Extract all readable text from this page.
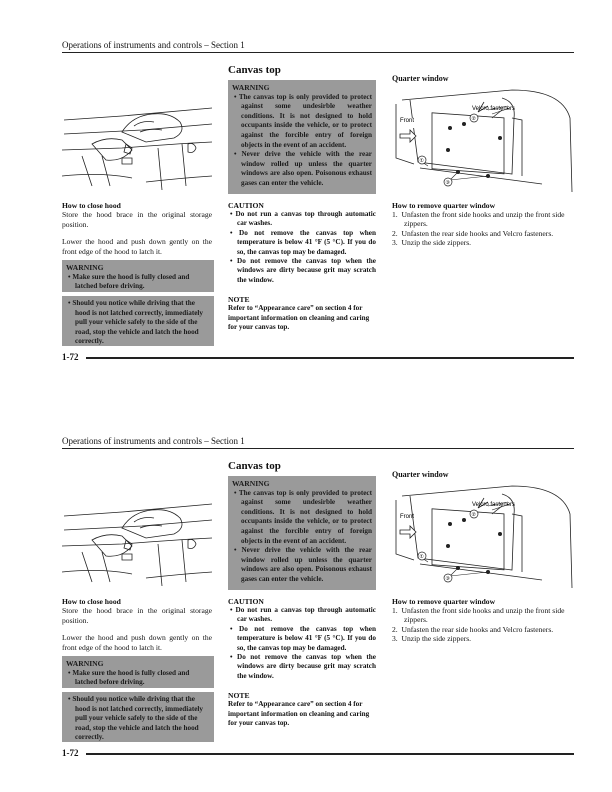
Operations of instruments and controls – Section 1
Quarter window
Velcro fasteners
Front
①
②
③
Canvas top
WARNING
• The canvas top is only provided to protect against some undesirble weather conditions. It is not designed to hold occupants inside the vehicle, or to protect against the forcible entry of foreign objects in the event of an accident.
• Never drive the vehicle with the rear window rolled up unless the quarter windows are also open. Poisonous exhaust gases can enter the vehicle.
How to close hood
Store the hood brace in the original storage position.
Lower the hood and push down gently on the front edge of the hood to latch it.
WARNING
• Make sure the hood is fully closed and latched before driving.
• Should you notice while driving that the hood is not latched correctly, immediately pull your vehicle safely to the side of the road, stop the vehicle and latch the hood correctly.
CAUTION
• Do not run a canvas top through automatic car washes.
• Do not remove the canvas top when temperature is below 41 °F (5 °C). If you do so, the canvas top may be damaged.
• Do not remove the canvas top when the windows are dirty because grit may scratch the window.
NOTE
Refer to “Appearance care” on section 4 for important information on cleaning and caring for your canvas top.
How to remove quarter window
1.  Unfasten the front side hooks and unzip the front side zippers.
2.  Unfasten the rear side hooks and Velcro fasteners.
3.  Unzip the side zippers.
1-72
Operations of instruments and controls – Section 1
Quarter window
Velcro fasteners
Front
①
②
③
Canvas top
WARNING
• The canvas top is only provided to protect against some undesirble weather conditions. It is not designed to hold occupants inside the vehicle, or to protect against the forcible entry of foreign objects in the event of an accident.
• Never drive the vehicle with the rear window rolled up unless the quarter windows are also open. Poisonous exhaust gases can enter the vehicle.
How to close hood
Store the hood brace in the original storage position.
Lower the hood and push down gently on the front edge of the hood to latch it.
WARNING
• Make sure the hood is fully closed and latched before driving.
• Should you notice while driving that the hood is not latched correctly, immediately pull your vehicle safely to the side of the road, stop the vehicle and latch the hood correctly.
CAUTION
• Do not run a canvas top through automatic car washes.
• Do not remove the canvas top when temperature is below 41 °F (5 °C). If you do so, the canvas top may be damaged.
• Do not remove the canvas top when the windows are dirty because grit may scratch the window.
NOTE
Refer to “Appearance care” on section 4 for important information on cleaning and caring for your canvas top.
How to remove quarter window
1.  Unfasten the front side hooks and unzip the front side zippers.
2.  Unfasten the rear side hooks and Velcro fasteners.
3.  Unzip the side zippers.
1-72
